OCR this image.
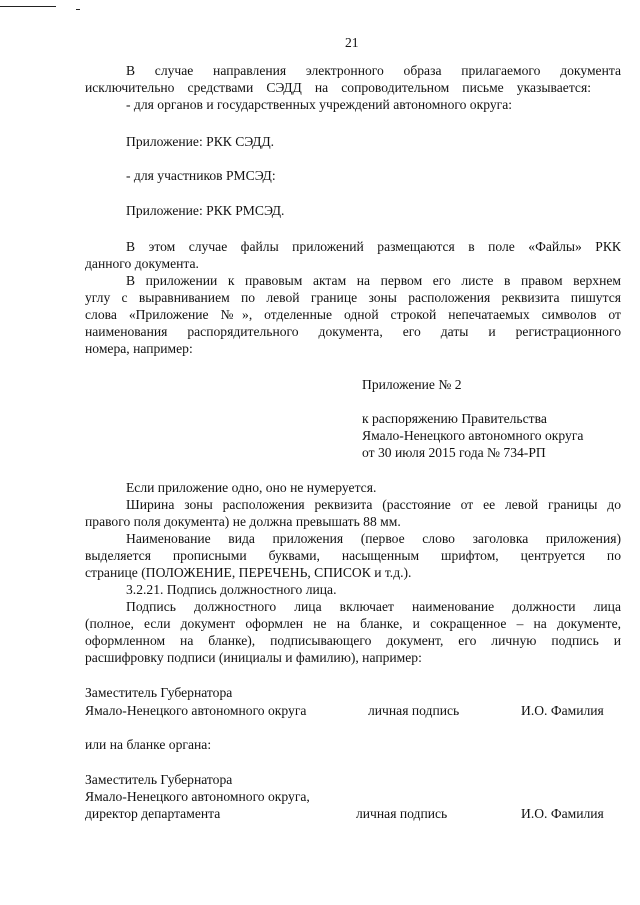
21
В случае направления электронного образа прилагаемого документа
исключительно средствами СЭДД на сопроводительном письме указывается:
- для органов и государственных учреждений автономного округа:
Приложение: РКК СЭДД.
- для участников РМСЭД:
Приложение: РКК РМСЭД.
В этом случае файлы приложений размещаются в поле «Файлы» РКК
данного документа.
В приложении к правовым актам на первом его листе в правом верхнем
углу с выравниванием по левой границе зоны расположения реквизита пишутся
слова «Приложение №», отделенные одной строкой непечатаемых символов от
наименования распорядительного документа, его даты и регистрационного
номера, например:
Приложение № 2
к распоряжению Правительства
Ямало-Ненецкого автономного округа
от 30 июля 2015 года № 734-РП
Если приложение одно, оно не нумеруется.
Ширина зоны расположения реквизита (расстояние от ее левой границы до
правого поля документа) не должна превышать 88 мм.
Наименование вида приложения (первое слово заголовка приложения)
выделяется прописными буквами, насыщенным шрифтом, центруется по
странице (ПОЛОЖЕНИЕ, ПЕРЕЧЕНЬ, СПИСОК и т.д.).
3.2.21. Подпись должностного лица.
Подпись должностного лица включает наименование должности лица
(полное, если документ оформлен не на бланке, и сокращенное – на документе,
оформленном на бланке), подписывающего документ, его личную подпись и
расшифровку подписи (инициалы и фамилию), например:
Заместитель Губернатора
Ямало-Ненецкого автономного округа	личная подпись	И.О. Фамилия
или на бланке органа:
Заместитель Губернатора
Ямало-Ненецкого автономного округа,
директор департамента	личная подпись	И.О. Фамилия
